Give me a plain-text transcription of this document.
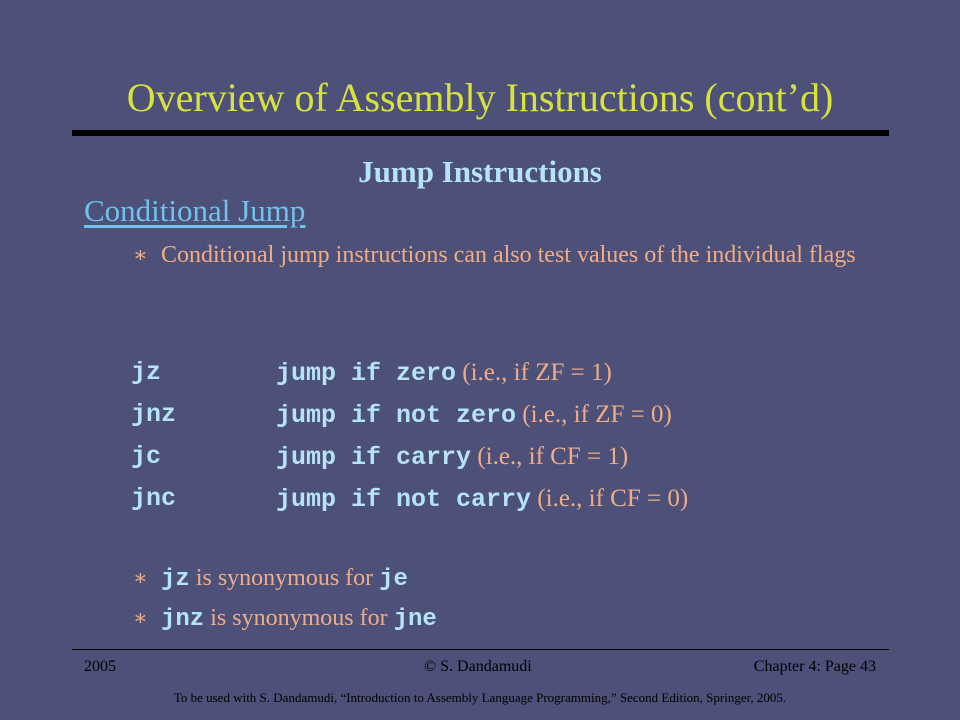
Overview of Assembly Instructions (cont’d)
Jump Instructions
Conditional Jump
∗ Conditional jump instructions can also test values of the individual flags
jz	jump if zero (i.e., if ZF = 1)
jnz	jump if not zero (i.e., if ZF = 0)
jc	jump if carry (i.e., if CF = 1)
jnc	jump if not carry (i.e., if CF = 0)
∗ jz is synonymous for je
∗ jnz is synonymous for jne
2005	© S. Dandamudi	Chapter 4: Page 43
To be used with S. Dandamudi, “Introduction to Assembly Language Programming,” Second Edition, Springer, 2005.
